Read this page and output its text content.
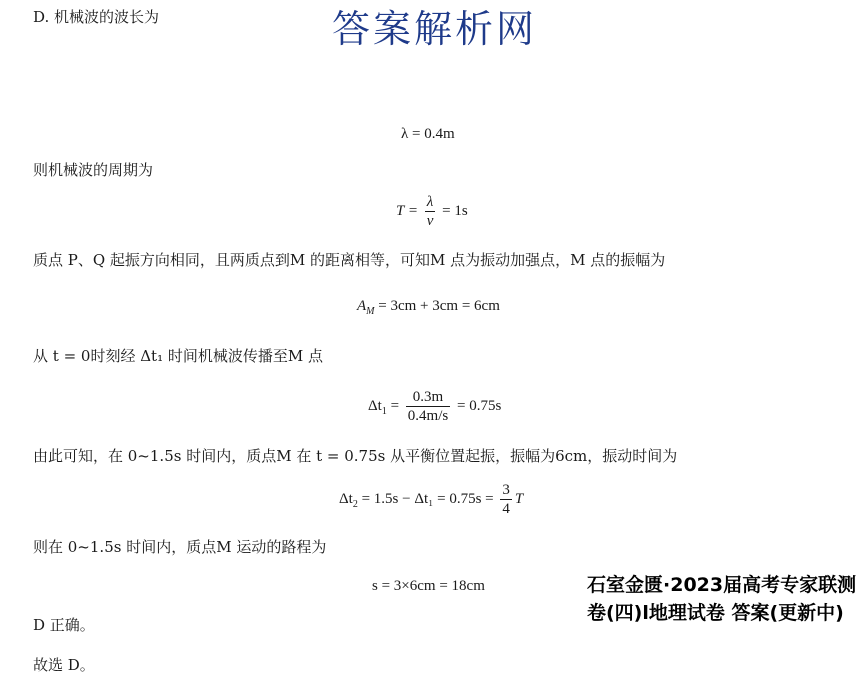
答案解析网
D. 机械波的波长为
λ = 0.4m
则机械波的周期为
$T = \frac{\lambda}{v} = 1s$
质点 P、Q 起振方向相同，且两质点到M 的距离相等，可知M 点为振动加强点，M 点的振幅为
$A_M = 3cm + 3cm = 6cm$
从 t = 0时刻经 Δt₁ 时间机械波传播至M 点
$\Delta t_1 = \frac{0.3m}{0.4m/s} = 0.75s$
由此可知，在 0~1.5s 时间内，质点M 在 t = 0.75s 从平衡位置起振，振幅为6cm，振动时间为
$\Delta t_2 = 1.5s - \Delta t_1 = 0.75s = \frac{3}{4}$ T
则在 0~1.5s 时间内，质点M 运动的路程为
s = 3×6cm = 18cm
D 正确。
故选 D。
石室金匮·2023届高考专家联测卷(四)l地理试卷 答案(更新中)
